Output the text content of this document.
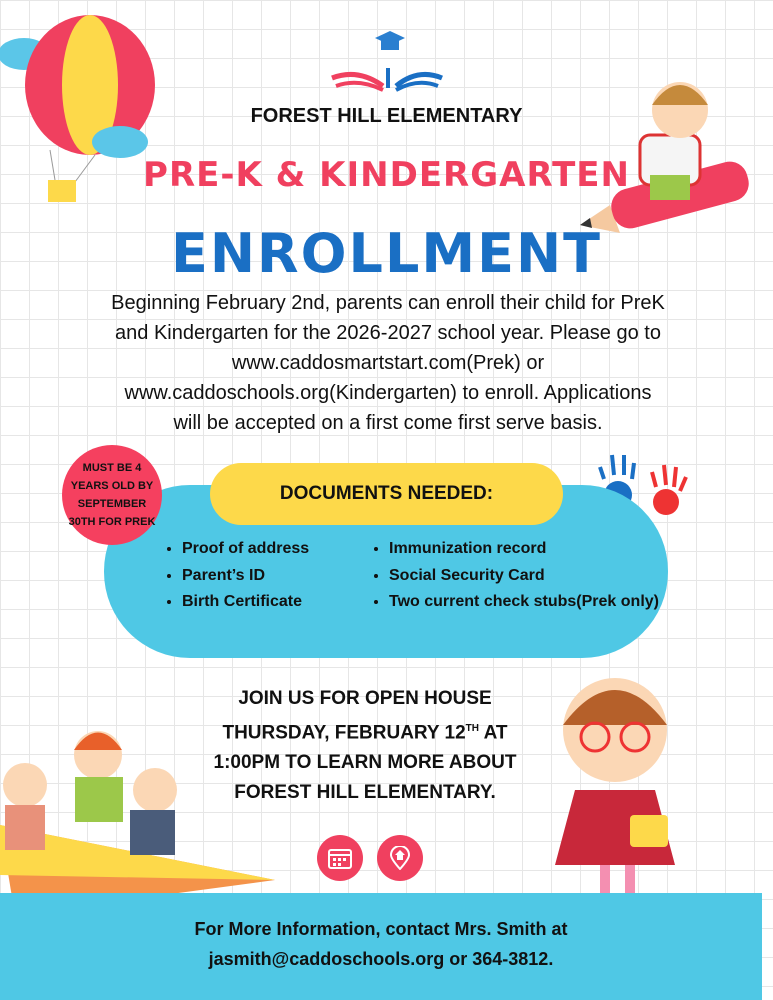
FOREST HILL ELEMENTARY
PRE-K & KINDERGARTEN
ENROLLMENT
Beginning February 2nd, parents can enroll their child for PreK and Kindergarten for the 2026-2027 school year. Please go to www.caddosmartstart.com(Prek) or www.caddoschools.org(Kindergarten) to enroll. Applications will be accepted on a first come first serve basis.
DOCUMENTS NEEDED:
MUST BE 4 YEARS OLD BY SEPTEMBER 30TH FOR PREK
• Proof of address
• Parent’s ID
• Birth Certificate
• Immunization record
• Social Security Card
• Two current check stubs(Prek only)
JOIN US FOR OPEN HOUSE THURSDAY, FEBRUARY 12TH AT 1:00PM TO LEARN MORE ABOUT FOREST HILL ELEMENTARY.
For More Information, contact Mrs. Smith at jasmith@caddoschools.org or 364-3812.
